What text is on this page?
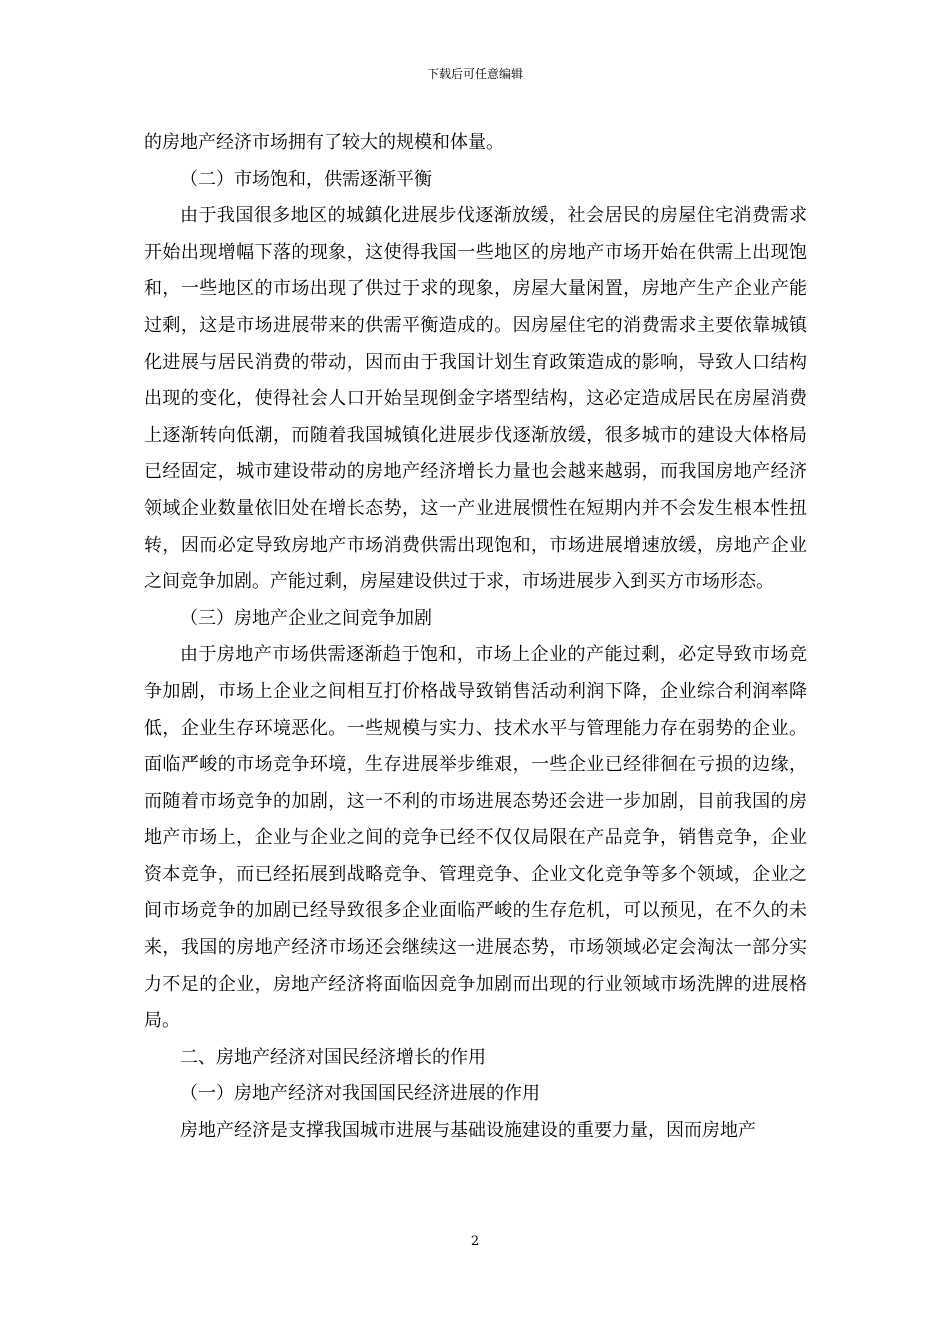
下载后可任意编辑

的房地产经济市场拥有了较大的规模和体量。

（二）市场饱和，供需逐渐平衡

由于我国很多地区的城鎮化进展步伐逐渐放缓，社会居民的房屋住宅消费需求开始出现增幅下落的现象，这使得我国一些地区的房地产市场开始在供需上出现饱和，一些地区的市场出现了供过于求的现象，房屋大量闲置，房地产生产企业产能过剩，这是市场进展带来的供需平衡造成的。因房屋住宅的消费需求主要依靠城镇化进展与居民消费的带动，因而由于我国计划生育政策造成的影响，导致人口结构出现的变化，使得社会人口开始呈现倒金字塔型结构，这必定造成居民在房屋消费上逐渐转向低潮，而随着我国城镇化进展步伐逐渐放缓，很多城市的建设大体格局已经固定，城市建设带动的房地产经济增长力量也会越来越弱，而我国房地产经济领域企业数量依旧处在增长态势，这一产业进展惯性在短期内并不会发生根本性扭转，因而必定导致房地产市场消费供需出现饱和，市场进展增速放缓，房地产企业之间竞争加剧。产能过剩，房屋建设供过于求，市场进展步入到买方市场形态。

（三）房地产企业之间竞争加剧

由于房地产市场供需逐渐趋于饱和，市场上企业的产能过剩，必定导致市场竞争加剧，市场上企业之间相互打价格战导致销售活动利润下降，企业综合利润率降低，企业生存环境恶化。一些规模与实力、技术水平与管理能力存在弱势的企业。面临严峻的市场竞争环境，生存进展举步维艰，一些企业已经徘徊在亏损的边缘，而随着市场竞争的加剧，这一不利的市场进展态势还会进一步加剧，目前我国的房地产市场上，企业与企业之间的竞争已经不仅仅局限在产品竞争，销售竞争，企业资本竞争，而已经拓展到战略竞争、管理竞争、企业文化竞争等多个领域，企业之间市场竞争的加剧已经导致很多企业面临严峻的生存危机，可以预见，在不久的未来，我国的房地产经济市场还会继续这一进展态势，市场领域必定会淘汰一部分实力不足的企业，房地产经济将面临因竞争加剧而出现的行业领域市场洗牌的进展格局。

二、房地产经济对国民经济增长的作用

（一）房地产经济对我国国民经济进展的作用

房地产经济是支撑我国城市进展与基础设施建设的重要力量，因而房地产

2
